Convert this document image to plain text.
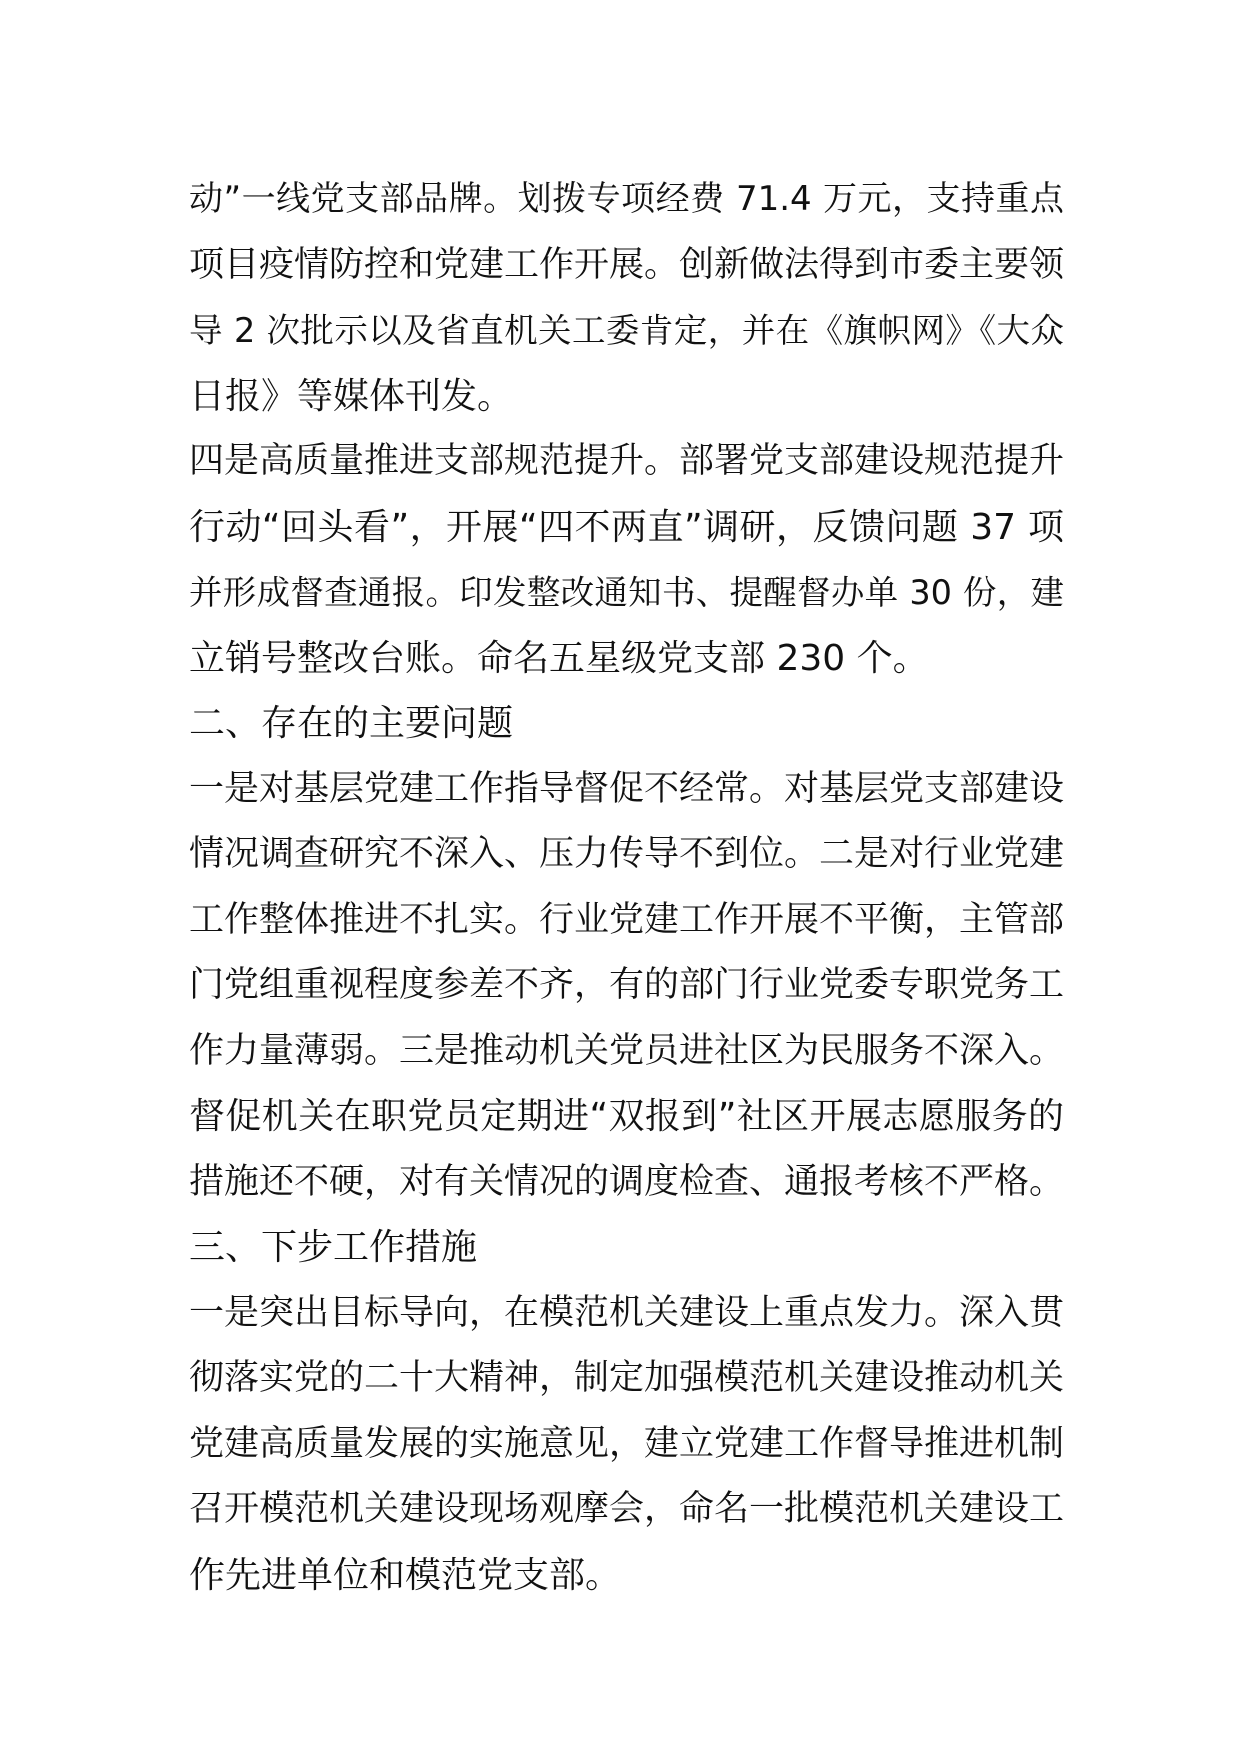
动”一线党支部品牌。划拨专项经费 71.4 万元，支持重点
项目疫情防控和党建工作开展。创新做法得到市委主要领
导 2 次批示以及省直机关工委肯定，并在《旗帜网》《大众
日报》等媒体刊发。
四是高质量推进支部规范提升。部署党支部建设规范提升
行动“回头看”，开展“四不两直”调研，反馈问题 37 项
并形成督查通报。印发整改通知书、提醒督办单 30 份，建
立销号整改台账。命名五星级党支部 230 个。
二、存在的主要问题
一是对基层党建工作指导督促不经常。对基层党支部建设
情况调查研究不深入、压力传导不到位。二是对行业党建
工作整体推进不扎实。行业党建工作开展不平衡，主管部
门党组重视程度参差不齐，有的部门行业党委专职党务工
作力量薄弱。三是推动机关党员进社区为民服务不深入。
督促机关在职党员定期进“双报到”社区开展志愿服务的
措施还不硬，对有关情况的调度检查、通报考核不严格。
三、下步工作措施
一是突出目标导向，在模范机关建设上重点发力。深入贯
彻落实党的二十大精神，制定加强模范机关建设推动机关
党建高质量发展的实施意见，建立党建工作督导推进机制
召开模范机关建设现场观摩会，命名一批模范机关建设工
作先进单位和模范党支部。
